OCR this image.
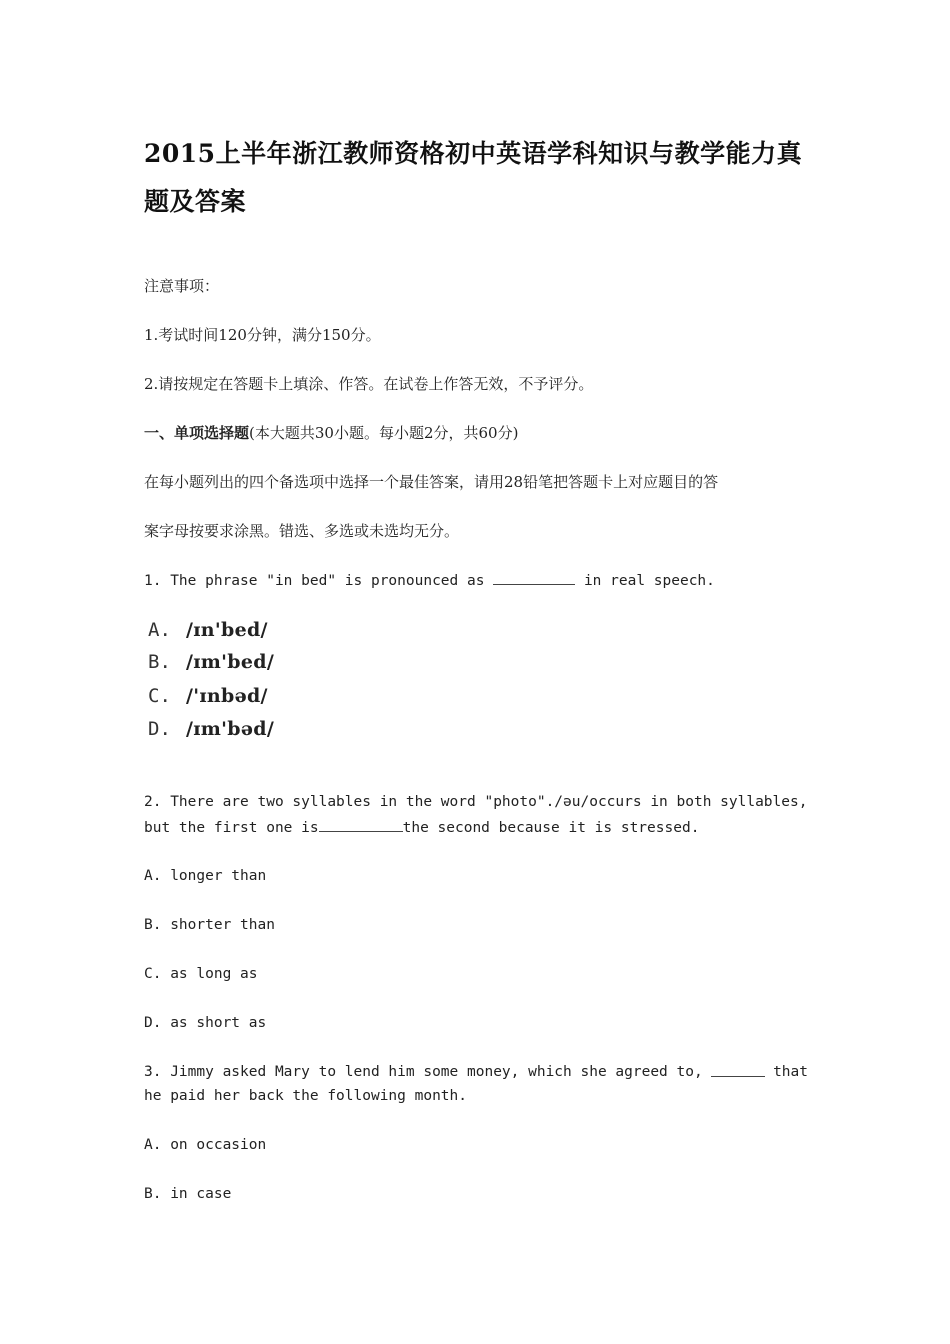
2015上半年浙江教师资格初中英语学科知识与教学能力真题及答案
注意事项：
1.考试时间120分钟，满分150分。
2.请按规定在答题卡上填涂、作答。在试卷上作答无效，不予评分。
一、单项选择题(本大题共30小题。每小题2分，共60分)
在每小题列出的四个备选项中选择一个最佳答案，请用28铅笔把答题卡上对应题目的答
案字母按要求涂黑。错选、多选或未选均无分。
1. The phrase "in bed" is pronounced as	in real speech.
A. /ɪn'bed/
B. /ɪm'bed/
C. /'ɪnbəd/
D. /ɪm'bəd/
2. There are two syllables in the word "photo"./əu/occurs in both syllables,
but the first one is	the second because it is stressed.
A. longer than
B. shorter than
C. as long as
D. as short as
3. Jimmy asked Mary to lend him some money, which she agreed to,	that
he paid her back the following month.
A. on occasion
B. in case
